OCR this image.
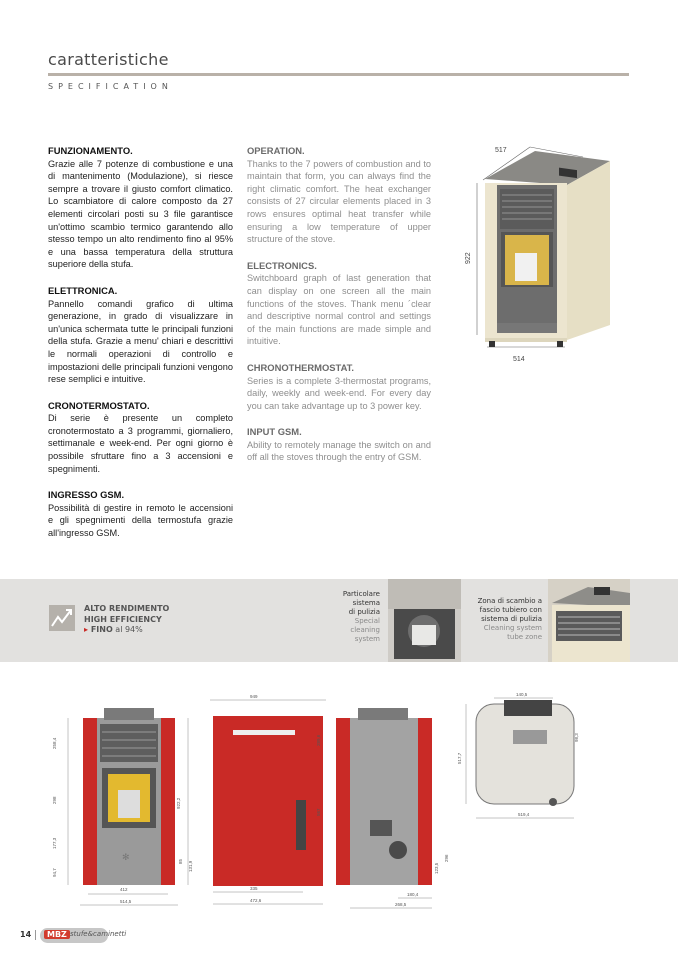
caratteristiche
SPECIFICATION
FUNZIONAMENTO.

Grazie alle 7 potenze di combustione e una di mantenimento (Modulazione), si riesce sempre a trovare il giusto comfort climatico. Lo scambiatore di calore composto da 27 elementi circolari posti su 3 file garantisce un'ottimo scambio termico garantendo allo stesso tempo un alto rendimento fino al 95% e una bassa temperatura della struttura superiore della stufa.

ELETTRONICA.

Pannello comandi grafico di ultima generazione, in grado di visualizzare in un'unica schermata tutte le principali funzioni della stufa. Grazie a menu' chiari e descrittivi le normali operazioni di controllo e impostazioni delle principali funzioni vengono rese semplici e intuitive.

CRONOTERMOSTATO.

Di serie è presente un completo cronotermostato a 3 programmi, giornaliero, settimanale e week-end. Per ogni giorno è possibile sfruttare fino a 3 accensioni e spegnimenti.

INGRESSO GSM.

Possibilità di gestire in remoto le accensioni e gli spegnimenti della termostufa grazie all'ingresso GSM.

OPERATION.

Thanks to the 7 powers of combustion and to maintain that form, you can always find the right climatic comfort. The heat exchanger consists of 27 circular elements placed in 3 rows ensures optimal heat transfer while ensuring a low temperature of upper structure of the stove.

ELECTRONICS.

Switchboard graph of last generation that can display on one screen all the main functions of the stoves. Thank menu ´clear and descriptive normal control and settings of the main functions are made simple and intuitive.

CHRONOTHERMOSTAT.

Series is a complete 3-thermostat programs, daily, weekly and week-end. For every day you can take advantage up to 3 power key.

INPUT GSM.

Ability to remotely manage the switch on and off all the stoves through the entry of GSM.

517
922
514
ALTO RENDIMENTO
HIGH EFFICIENCY
▸ FINO al 94%
Particolare
sistema
di pulizia
Special
cleaning
system
Zona di scambio a
fascio tubiero con
sistema di pulizia
Cleaning system
tube zone
✻
258,4
298
177,3
94,7
412
514,5
949
922,2
289,6
567
85 131,9
335
472,6
180,4
268,5
123,5
296
140,5
98,3
517,7
519,4
14	MBZ stufe&caminetti
